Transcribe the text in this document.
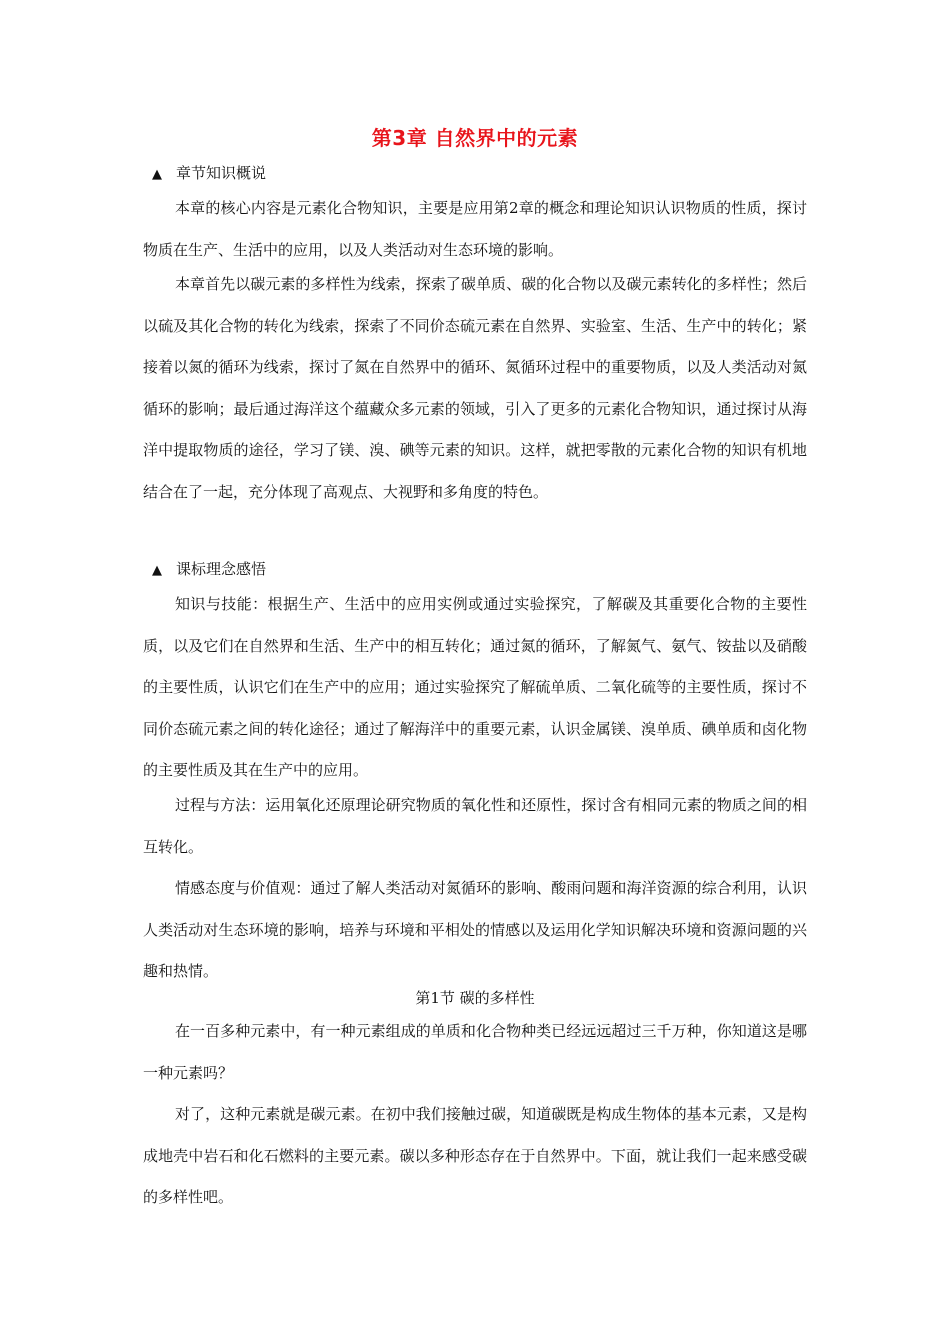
第3章 自然界中的元素
▲ 章节知识概说

本章的核心内容是元素化合物知识，主要是应用第2章的概念和理论知识认识物质的性质，探讨物质在生产、生活中的应用，以及人类活动对生态环境的影响。

本章首先以碳元素的多样性为线索，探索了碳单质、碳的化合物以及碳元素转化的多样性；然后以硫及其化合物的转化为线索，探索了不同价态硫元素在自然界、实验室、生活、生产中的转化；紧接着以氮的循环为线索，探讨了氮在自然界中的循环、氮循环过程中的重要物质，以及人类活动对氮循环的影响；最后通过海洋这个蕴藏众多元素的领域，引入了更多的元素化合物知识，通过探讨从海洋中提取物质的途径，学习了镁、溴、碘等元素的知识。这样，就把零散的元素化合物的知识有机地结合在了一起，充分体现了高观点、大视野和多角度的特色。

▲ 课标理念感悟

知识与技能：根据生产、生活中的应用实例或通过实验探究，了解碳及其重要化合物的主要性质，以及它们在自然界和生活、生产中的相互转化；通过氮的循环，了解氮气、氨气、铵盐以及硝酸的主要性质，认识它们在生产中的应用；通过实验探究了解硫单质、二氧化硫等的主要性质，探讨不同价态硫元素之间的转化途径；通过了解海洋中的重要元素，认识金属镁、溴单质、碘单质和卤化物的主要性质及其在生产中的应用。

过程与方法：运用氧化还原理论研究物质的氧化性和还原性，探讨含有相同元素的物质之间的相互转化。

情感态度与价值观：通过了解人类活动对氮循环的影响、酸雨问题和海洋资源的综合利用，认识人类活动对生态环境的影响，培养与环境和平相处的情感以及运用化学知识解决环境和资源问题的兴趣和热情。

第1节 碳的多样性

在一百多种元素中，有一种元素组成的单质和化合物种类已经远远超过三千万种，你知道这是哪一种元素吗？

对了，这种元素就是碳元素。在初中我们接触过碳，知道碳既是构成生物体的基本元素，又是构成地壳中岩石和化石燃料的主要元素。碳以多种形态存在于自然界中。下面，就让我们一起来感受碳的多样性吧。
